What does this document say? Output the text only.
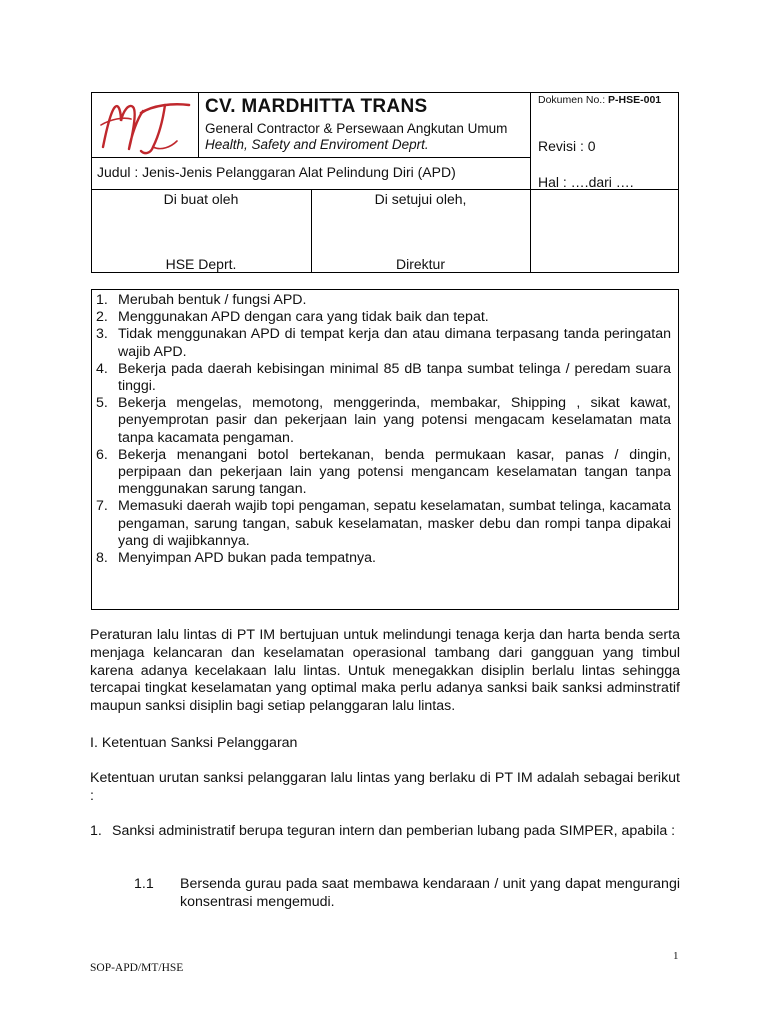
CV. MARDHITTA TRANS
General Contractor & Persewaan Angkutan Umum
Health, Safety and Enviroment Deprt.
Dokumen No.: P-HSE-001
Revisi : 0
Judul : Jenis-Jenis Pelanggaran Alat Pelindung Diri (APD)
Hal : ….dari ….
Di buat oleh	Di setujui oleh,
HSE Deprt.	Direktur
1. Merubah bentuk / fungsi APD.
2. Menggunakan APD dengan cara yang tidak baik dan tepat.
3. Tidak menggunakan APD di tempat kerja dan atau dimana terpasang tanda peringatan wajib APD.
4. Bekerja pada daerah kebisingan minimal 85 dB tanpa sumbat telinga / peredam suara tinggi.
5. Bekerja mengelas, memotong, menggerinda, membakar, Shipping , sikat kawat, penyemprotan pasir dan pekerjaan lain yang potensi mengacam keselamatan mata tanpa kacamata pengaman.
6. Bekerja menangani botol bertekanan, benda permukaan kasar, panas / dingin, perpipaan dan pekerjaan lain yang potensi mengancam keselamatan tangan tanpa menggunakan sarung tangan.
7. Memasuki daerah wajib topi pengaman, sepatu keselamatan, sumbat telinga, kacamata pengaman, sarung tangan, sabuk keselamatan, masker debu dan rompi tanpa dipakai yang di wajibkannya.
8. Menyimpan APD bukan pada tempatnya.
Peraturan lalu lintas di PT IM bertujuan untuk melindungi tenaga kerja dan harta benda serta menjaga kelancaran dan keselamatan operasional tambang dari gangguan yang timbul karena adanya kecelakaan lalu lintas. Untuk menegakkan disiplin berlalu lintas sehingga tercapai tingkat keselamatan yang optimal maka perlu adanya sanksi baik sanksi adminstratif maupun sanksi disiplin bagi setiap pelanggaran lalu lintas.
I. Ketentuan Sanksi Pelanggaran
Ketentuan urutan sanksi pelanggaran lalu lintas yang berlaku di PT IM adalah sebagai berikut :
1. Sanksi administratif berupa teguran intern dan pemberian lubang pada SIMPER, apabila :
1.1	Bersenda gurau pada saat membawa kendaraan / unit yang dapat mengurangi konsentrasi mengemudi.
1
SOP-APD/MT/HSE
